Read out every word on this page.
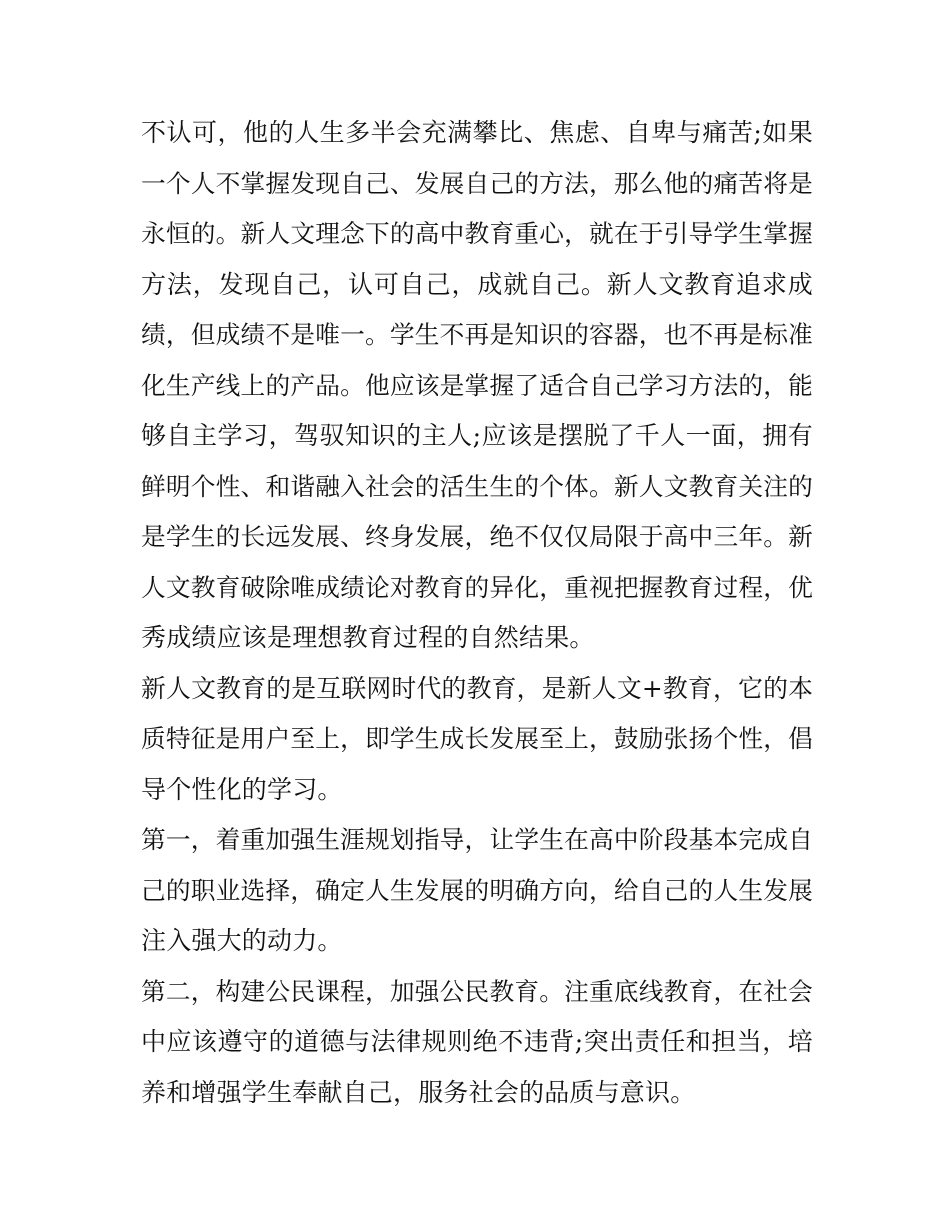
不认可，他的人生多半会充满攀比、焦虑、自卑与痛苦;如果
一个人不掌握发现自己、发展自己的方法，那么他的痛苦将是
永恒的。新人文理念下的高中教育重心，就在于引导学生掌握
方法，发现自己，认可自己，成就自己。新人文教育追求成
绩，但成绩不是唯一。学生不再是知识的容器，也不再是标准
化生产线上的产品。他应该是掌握了适合自己学习方法的，能
够自主学习，驾驭知识的主人;应该是摆脱了千人一面，拥有
鲜明个性、和谐融入社会的活生生的个体。新人文教育关注的
是学生的长远发展、终身发展，绝不仅仅局限于高中三年。新
人文教育破除唯成绩论对教育的异化，重视把握教育过程，优
秀成绩应该是理想教育过程的自然结果。
新人文教育的是互联网时代的教育，是新人文+教育，它的本
质特征是用户至上，即学生成长发展至上，鼓励张扬个性，倡
导个性化的学习。
第一，着重加强生涯规划指导，让学生在高中阶段基本完成自
己的职业选择，确定人生发展的明确方向，给自己的人生发展
注入强大的动力。
第二，构建公民课程，加强公民教育。注重底线教育，在社会
中应该遵守的道德与法律规则绝不违背;突出责任和担当，培
养和增强学生奉献自己，服务社会的品质与意识。
